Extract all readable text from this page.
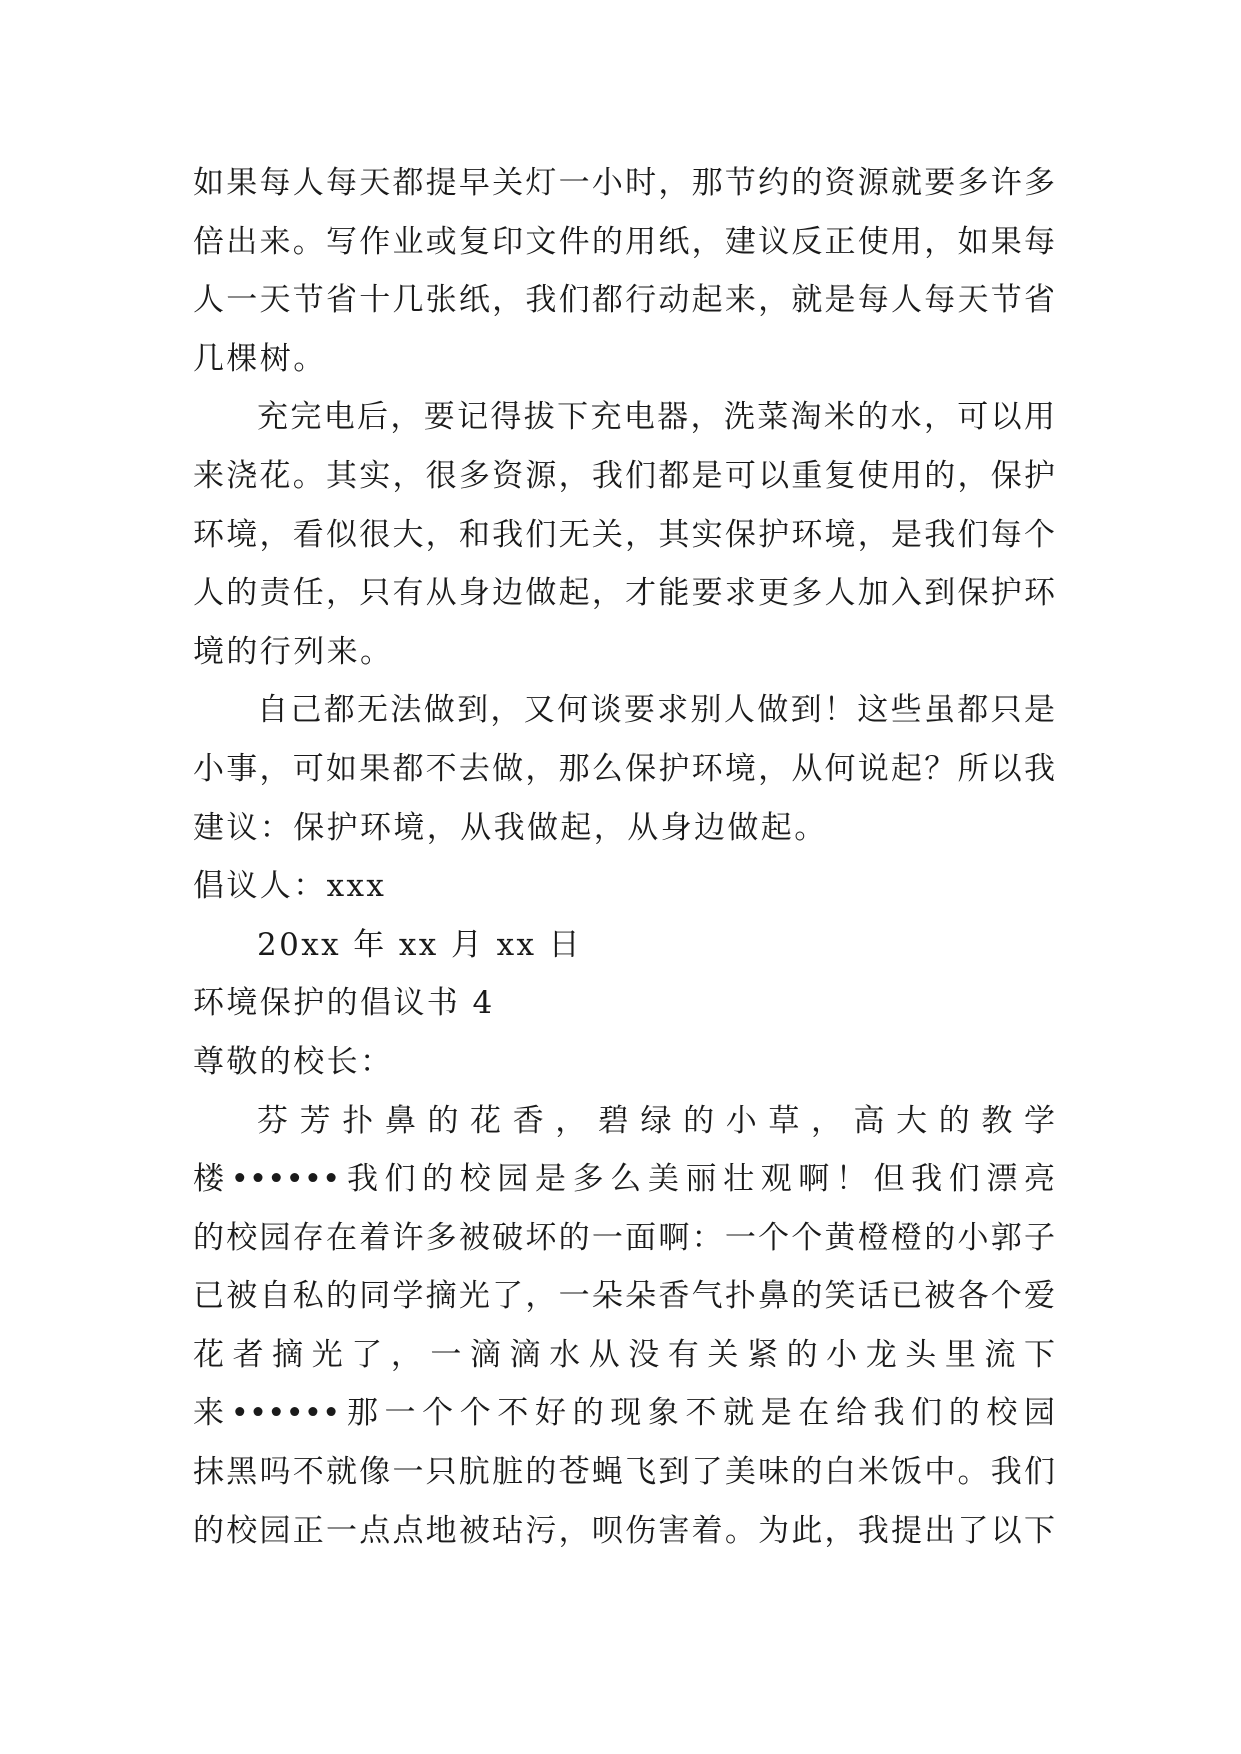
如果每人每天都提早关灯一小时，那节约的资源就要多许多
倍出来。写作业或复印文件的用纸，建议反正使用，如果每
人一天节省十几张纸，我们都行动起来，就是每人每天节省
几棵树。
充完电后，要记得拔下充电器，洗菜淘米的水，可以用
来浇花。其实，很多资源，我们都是可以重复使用的，保护
环境，看似很大，和我们无关，其实保护环境，是我们每个
人的责任，只有从身边做起，才能要求更多人加入到保护环
境的行列来。
自己都无法做到，又何谈要求别人做到！这些虽都只是
小事，可如果都不去做，那么保护环境，从何说起？所以我
建议：保护环境，从我做起，从身边做起。
倡议人：xxx
20xx 年 xx 月 xx 日
环境保护的倡议书 4
尊敬的校长：
芬芳扑鼻的花香，碧绿的小草，高大的教学
楼••••••我们的校园是多么美丽壮观啊！但我们漂亮
的校园存在着许多被破坏的一面啊：一个个黄橙橙的小郭子
已被自私的同学摘光了，一朵朵香气扑鼻的笑话已被各个爱
花者摘光了，一滴滴水从没有关紧的小龙头里流下
来••••••那一个个不好的现象不就是在给我们的校园
抹黑吗不就像一只肮脏的苍蝇飞到了美味的白米饭中。我们
的校园正一点点地被玷污，呗伤害着。为此，我提出了以下
